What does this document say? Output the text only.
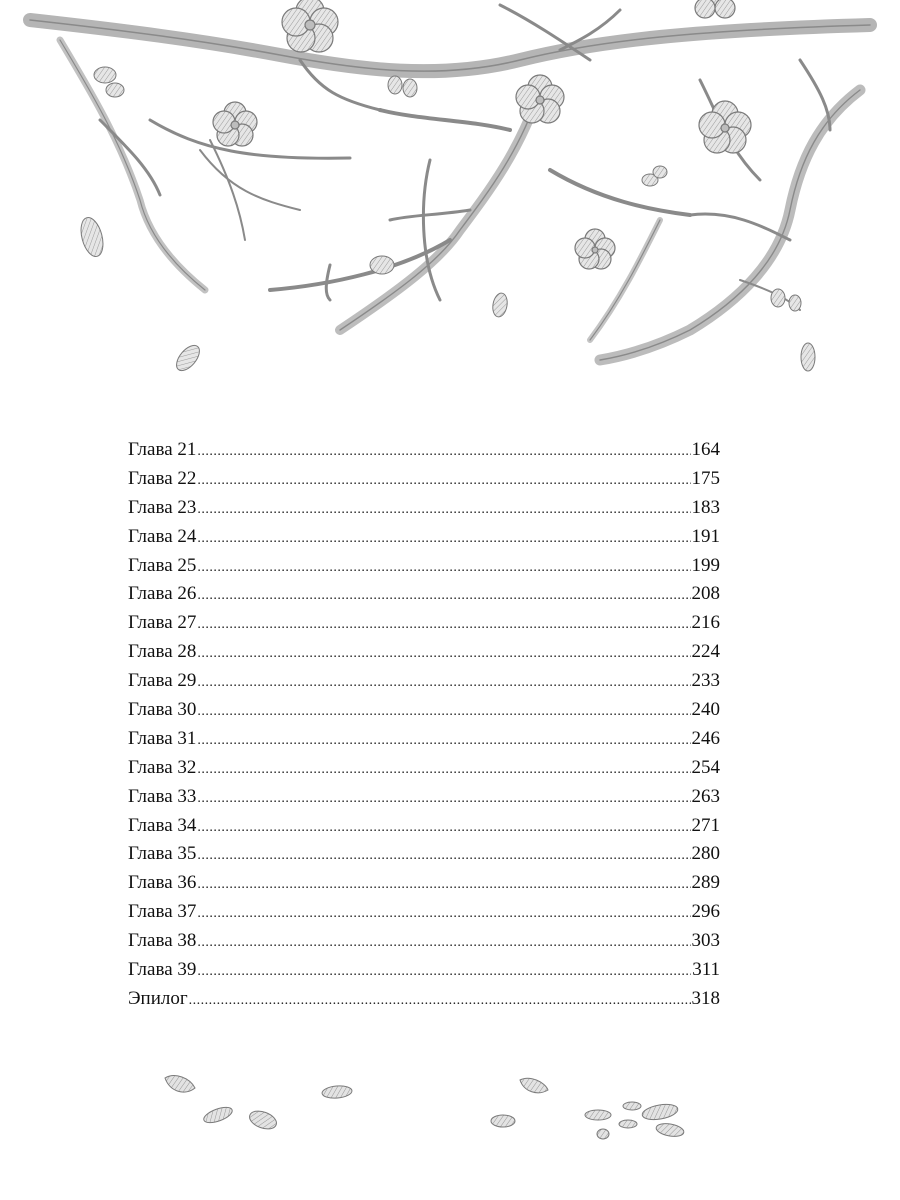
Глава 21 .....	164
Глава 22 .....	175
Глава 23 .....	183
Глава 24 .....	191
Глава 25 .....	199
Глава 26 .....	208
Глава 27 .....	216
Глава 28 .....	224
Глава 29 .....	233
Глава 30 .....	240
Глава 31 .....	246
Глава 32 .....	254
Глава 33 .....	263
Глава 34 .....	271
Глава 35 .....	280
Глава 36 .....	289
Глава 37 .....	296
Глава 38 .....	303
Глава 39 .....	311
Эпилог .....	318
